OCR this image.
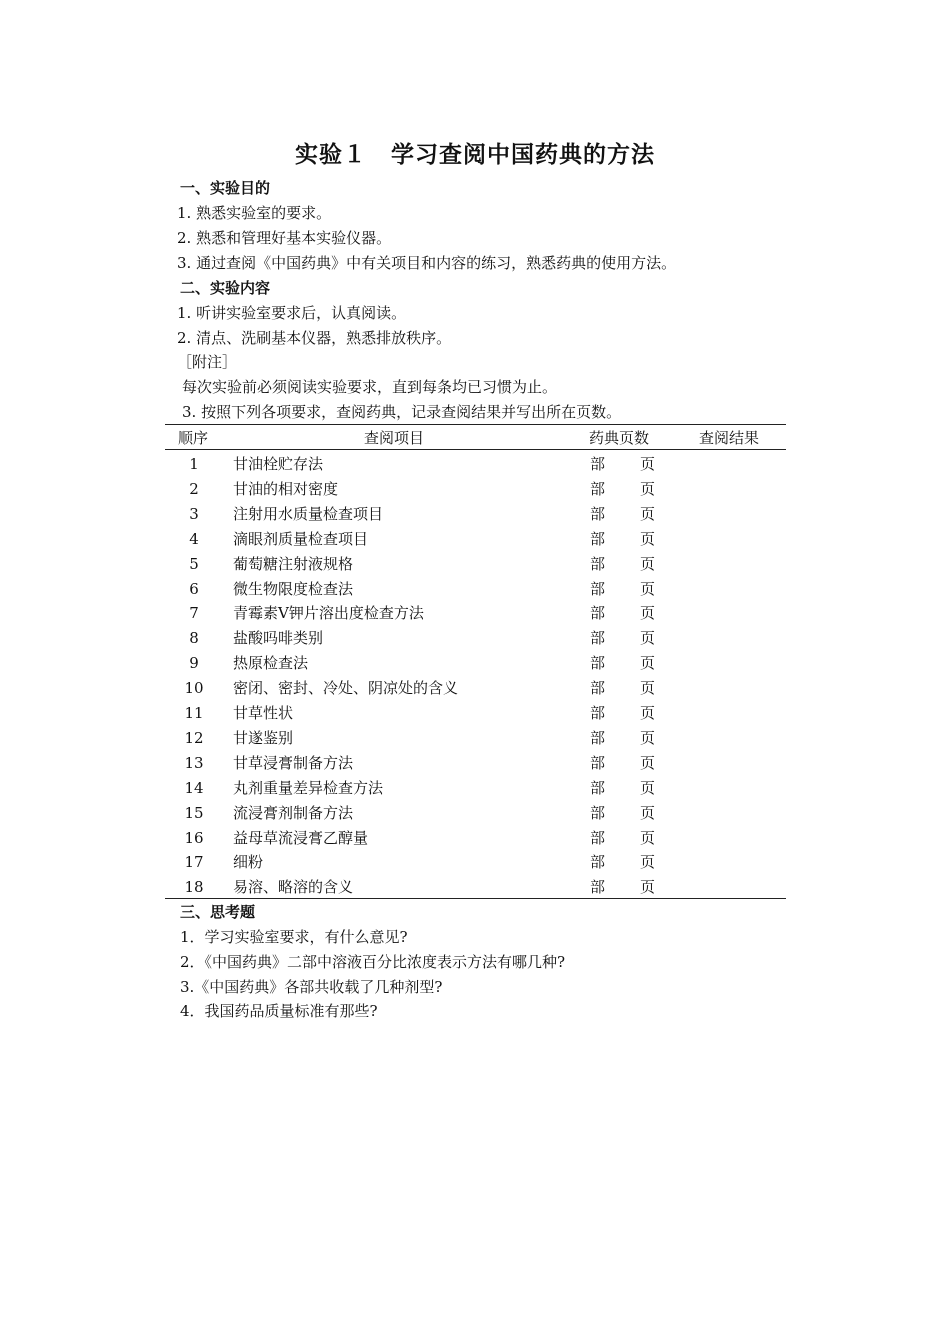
实验１　学习查阅中国药典的方法
一、实验目的
1. 熟悉实验室的要求。
2. 熟悉和管理好基本实验仪器。
3. 通过查阅《中国药典》中有关项目和内容的练习，熟悉药典的使用方法。
二、实验内容
1. 听讲实验室要求后，认真阅读。
2. 清点、洗刷基本仪器，熟悉排放秩序。
［附注］
每次实验前必须阅读实验要求，直到每条均已习惯为止。
3. 按照下列各项要求，查阅药典，记录查阅结果并写出所在页数。
顺序	查阅项目	药典页数	查阅结果
1	甘油栓贮存法	部 页
2	甘油的相对密度	部 页
3	注射用水质量检查项目	部 页
4	滴眼剂质量检查项目	部 页
5	葡萄糖注射液规格	部 页
6	微生物限度检查法	部 页
7	青霉素Ⅴ钾片溶出度检查方法	部 页
8	盐酸吗啡类别	部 页
9	热原检查法	部 页
10	密闭、密封、冷处、阴凉处的含义	部 页
11	甘草性状	部 页
12	甘遂鉴别	部 页
13	甘草浸膏制备方法	部 页
14	丸剂重量差异检查方法	部 页
15	流浸膏剂制备方法	部 页
16	益母草流浸膏乙醇量	部 页
17	细粉	部 页
18	易溶、略溶的含义	部 页
三、思考题
1．学习实验室要求，有什么意见?
2．《中国药典》二部中溶液百分比浓度表示方法有哪几种?
3.《中国药典》各部共收载了几种剂型?
4．我国药品质量标准有那些?
